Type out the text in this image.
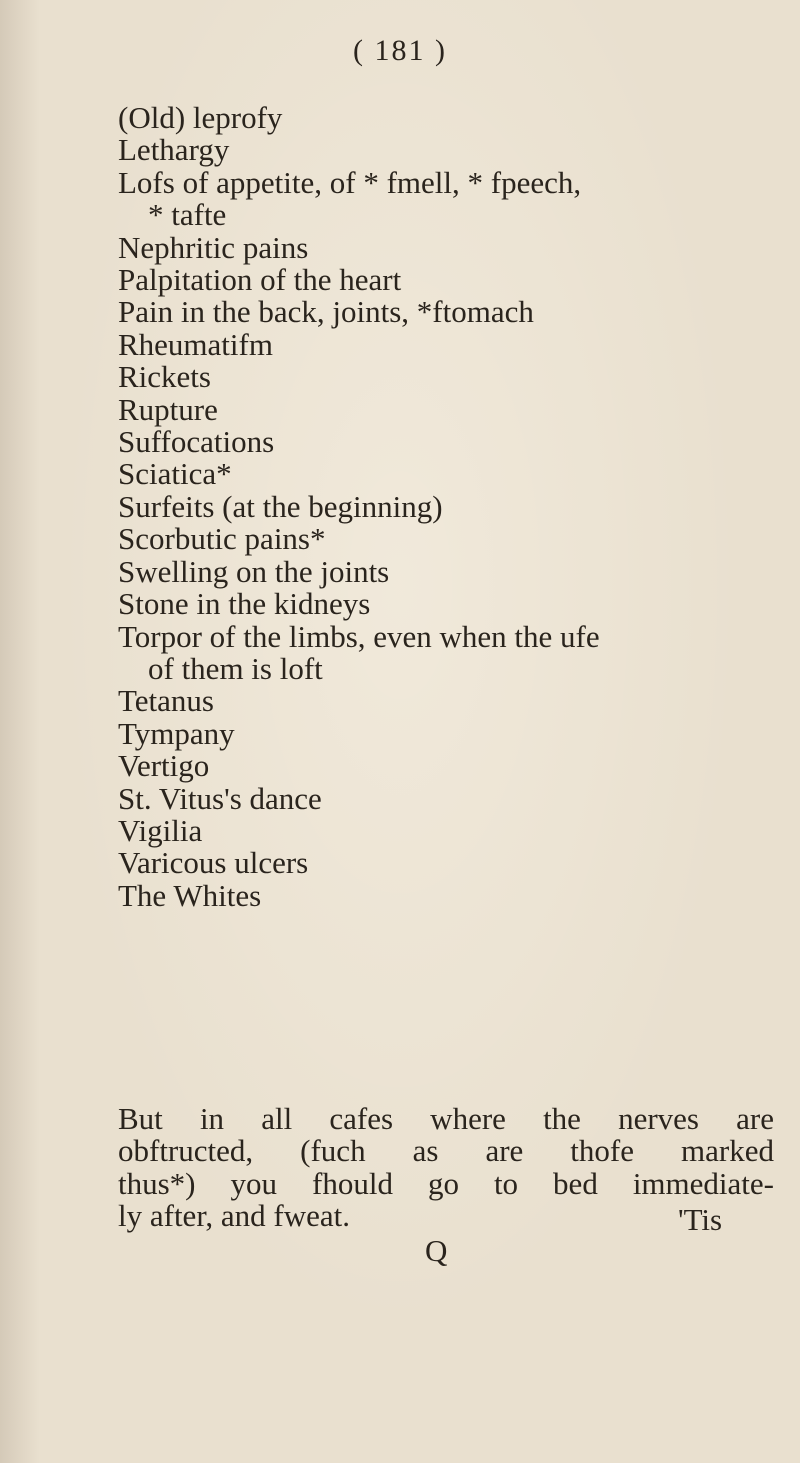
( 181 )
(Old) leprofy
Lethargy
Lofs of appetite, of * fmell, * fpeech,
* tafte
Nephritic pains
Palpitation of the heart
Pain in the back, joints, *ftomach
Rheumatifm
Rickets
Rupture
Suffocations
Sciatica*
Surfeits (at the beginning)
Scorbutic pains*
Swelling on the joints
Stone in the kidneys
Torpor of the limbs, even when the ufe
of them is loft
Tetanus
Tympany
Vertigo
St. Vitus's dance
Vigilia
Varicous ulcers
The Whites

But in all cafes where the nerves are

obftructed, (fuch as are thofe marked

thus*) you fhould go to bed immediate-

ly after, and fweat.	'Tis
Q
